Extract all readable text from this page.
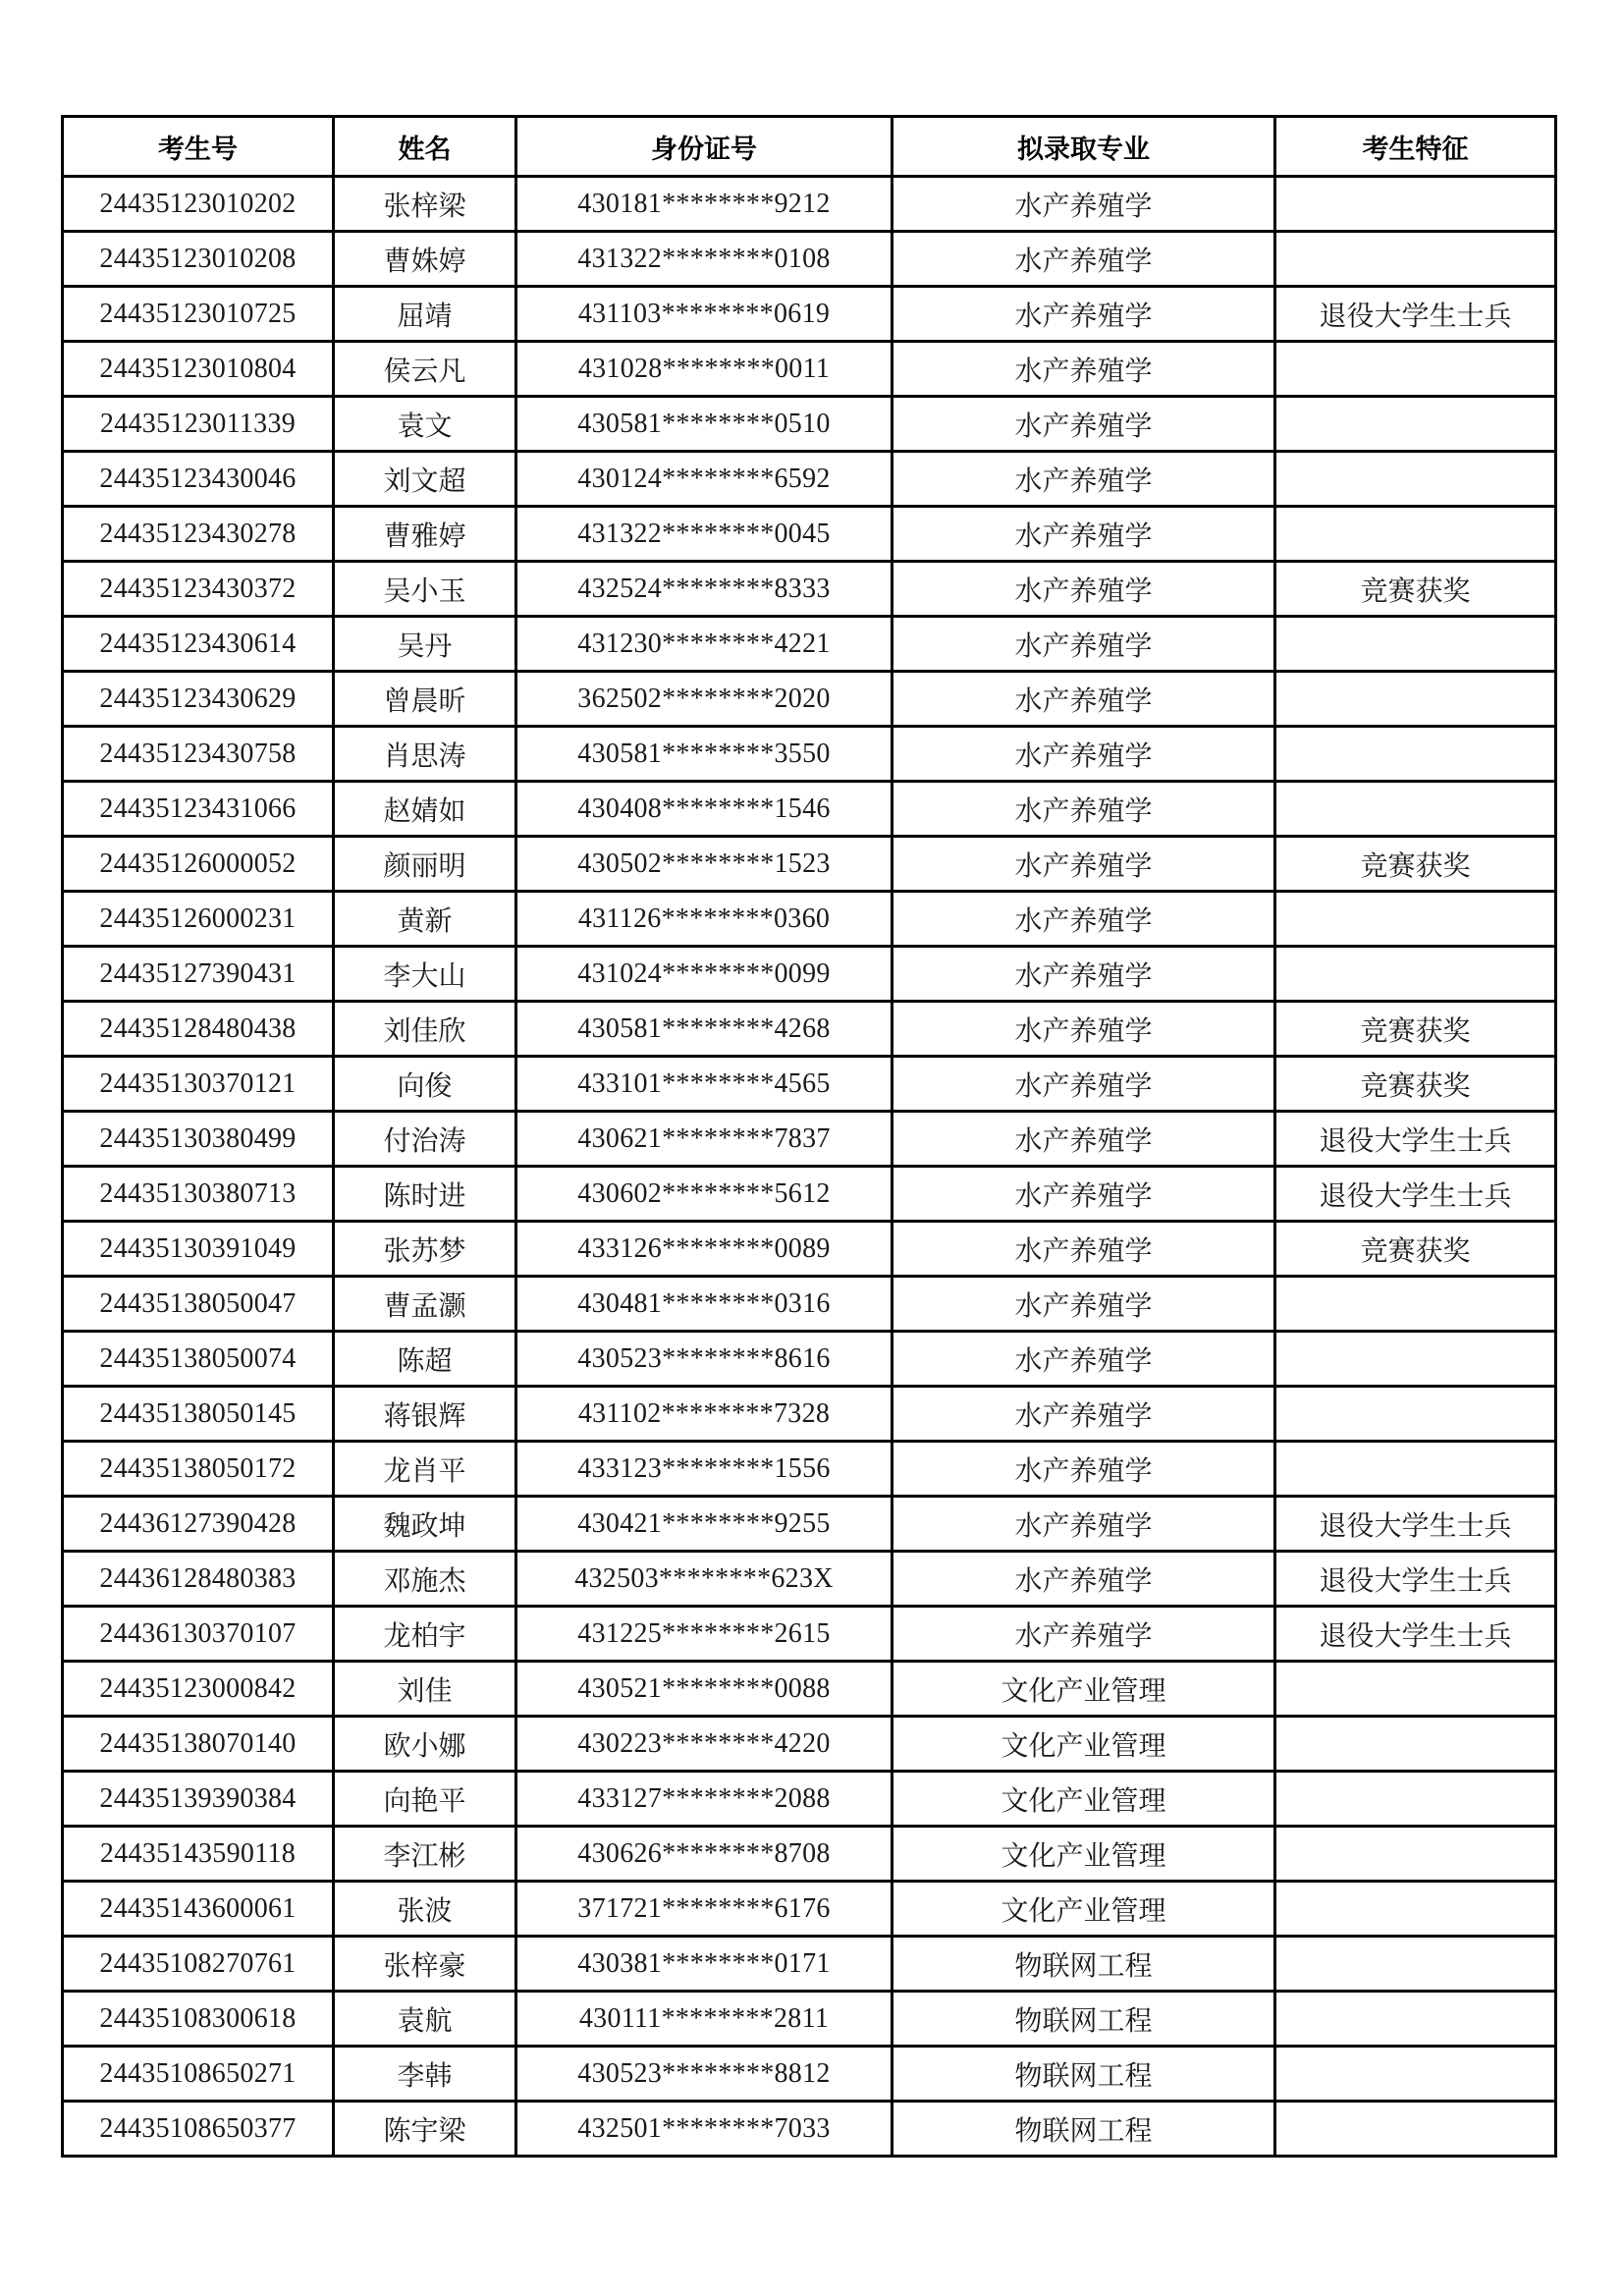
考生号	姓名	身份证号	拟录取专业	考生特征
24435123010202	张梓梁	430181********9212	水产养殖学	
24435123010208	曹姝婷	431322********0108	水产养殖学	
24435123010725	屈靖	431103********0619	水产养殖学	退役大学生士兵
24435123010804	侯云凡	431028********0011	水产养殖学	
24435123011339	袁文	430581********0510	水产养殖学	
24435123430046	刘文超	430124********6592	水产养殖学	
24435123430278	曹雅婷	431322********0045	水产养殖学	
24435123430372	吴小玉	432524********8333	水产养殖学	竞赛获奖
24435123430614	吴丹	431230********4221	水产养殖学	
24435123430629	曾晨昕	362502********2020	水产养殖学	
24435123430758	肖思涛	430581********3550	水产养殖学	
24435123431066	赵婧如	430408********1546	水产养殖学	
24435126000052	颜丽明	430502********1523	水产养殖学	竞赛获奖
24435126000231	黄新	431126********0360	水产养殖学	
24435127390431	李大山	431024********0099	水产养殖学	
24435128480438	刘佳欣	430581********4268	水产养殖学	竞赛获奖
24435130370121	向俊	433101********4565	水产养殖学	竞赛获奖
24435130380499	付治涛	430621********7837	水产养殖学	退役大学生士兵
24435130380713	陈时进	430602********5612	水产养殖学	退役大学生士兵
24435130391049	张苏梦	433126********0089	水产养殖学	竞赛获奖
24435138050047	曹孟灏	430481********0316	水产养殖学	
24435138050074	陈超	430523********8616	水产养殖学	
24435138050145	蒋银辉	431102********7328	水产养殖学	
24435138050172	龙肖平	433123********1556	水产养殖学	
24436127390428	魏政坤	430421********9255	水产养殖学	退役大学生士兵
24436128480383	邓施杰	432503********623X	水产养殖学	退役大学生士兵
24436130370107	龙柏宇	431225********2615	水产养殖学	退役大学生士兵
24435123000842	刘佳	430521********0088	文化产业管理	
24435138070140	欧小娜	430223********4220	文化产业管理	
24435139390384	向艳平	433127********2088	文化产业管理	
24435143590118	李江彬	430626********8708	文化产业管理	
24435143600061	张波	371721********6176	文化产业管理	
24435108270761	张梓豪	430381********0171	物联网工程	
24435108300618	袁航	430111********2811	物联网工程	
24435108650271	李韩	430523********8812	物联网工程	
24435108650377	陈宇梁	432501********7033	物联网工程	
